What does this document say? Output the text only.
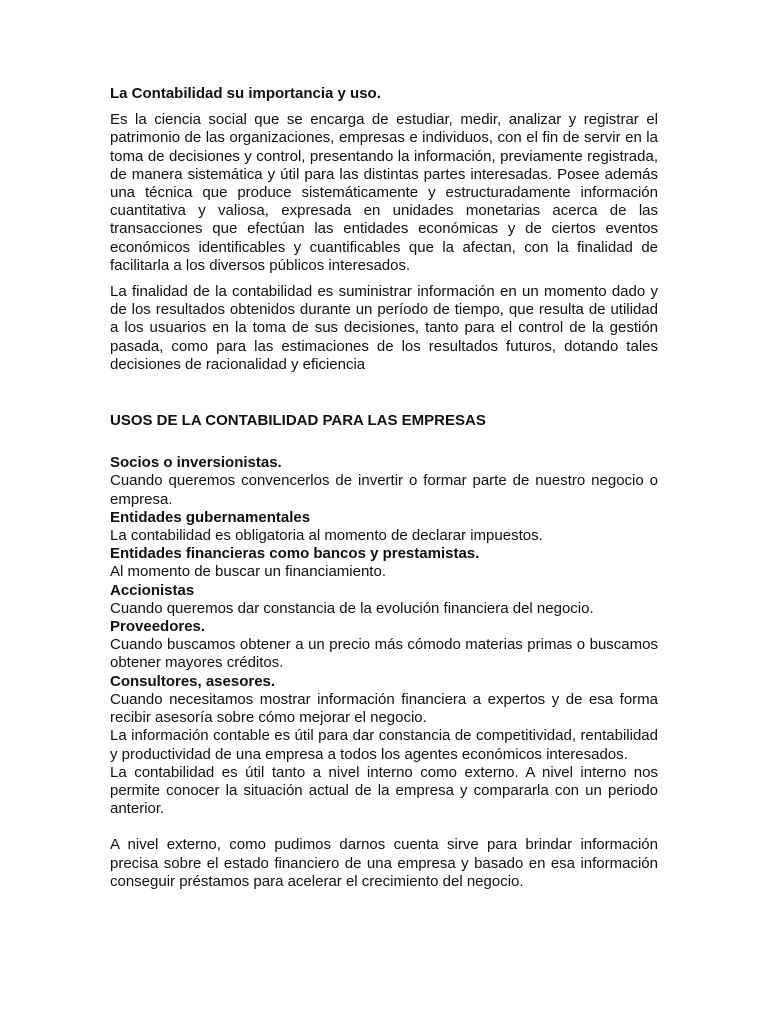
La Contabilidad su importancia y uso.
Es la ciencia social que se encarga de estudiar, medir, analizar y registrar el patrimonio de las organizaciones, empresas e individuos, con el fin de servir en la toma de decisiones y control, presentando la información, previamente registrada, de manera sistemática y útil para las distintas partes interesadas. Posee además una técnica que produce sistemáticamente y estructuradamente información cuantitativa y valiosa, expresada en unidades monetarias acerca de las transacciones que efectúan las entidades económicas y de ciertos eventos económicos identificables y cuantificables que la afectan, con la finalidad de facilitarla a los diversos públicos interesados.
La finalidad de la contabilidad es suministrar información en un momento dado y de los resultados obtenidos durante un período de tiempo, que resulta de utilidad a los usuarios en la toma de sus decisiones, tanto para el control de la gestión pasada, como para las estimaciones de los resultados futuros, dotando tales decisiones de racionalidad y eficiencia
USOS DE LA CONTABILIDAD PARA LAS EMPRESAS
Socios o inversionistas.
Cuando queremos convencerlos de invertir o formar parte de nuestro negocio o empresa.
Entidades gubernamentales
La contabilidad es obligatoria al momento de declarar impuestos.
Entidades financieras como bancos y prestamistas.
Al momento de buscar un financiamiento.
Accionistas
Cuando queremos dar constancia de la evolución financiera del negocio.
Proveedores.
Cuando buscamos obtener a un precio más cómodo materias primas o buscamos obtener mayores créditos.
Consultores, asesores.
Cuando necesitamos mostrar información financiera a expertos y de esa forma recibir asesoría sobre cómo mejorar el negocio.
La información contable es útil para dar constancia de competitividad, rentabilidad y productividad de una empresa a todos los agentes económicos interesados.
La contabilidad es útil tanto a nivel interno como externo. A nivel interno nos permite conocer la situación actual de la empresa y compararla con un periodo anterior.
A nivel externo, como pudimos darnos cuenta sirve para brindar información precisa sobre el estado financiero de una empresa y basado en esa información conseguir préstamos para acelerar el crecimiento del negocio.
